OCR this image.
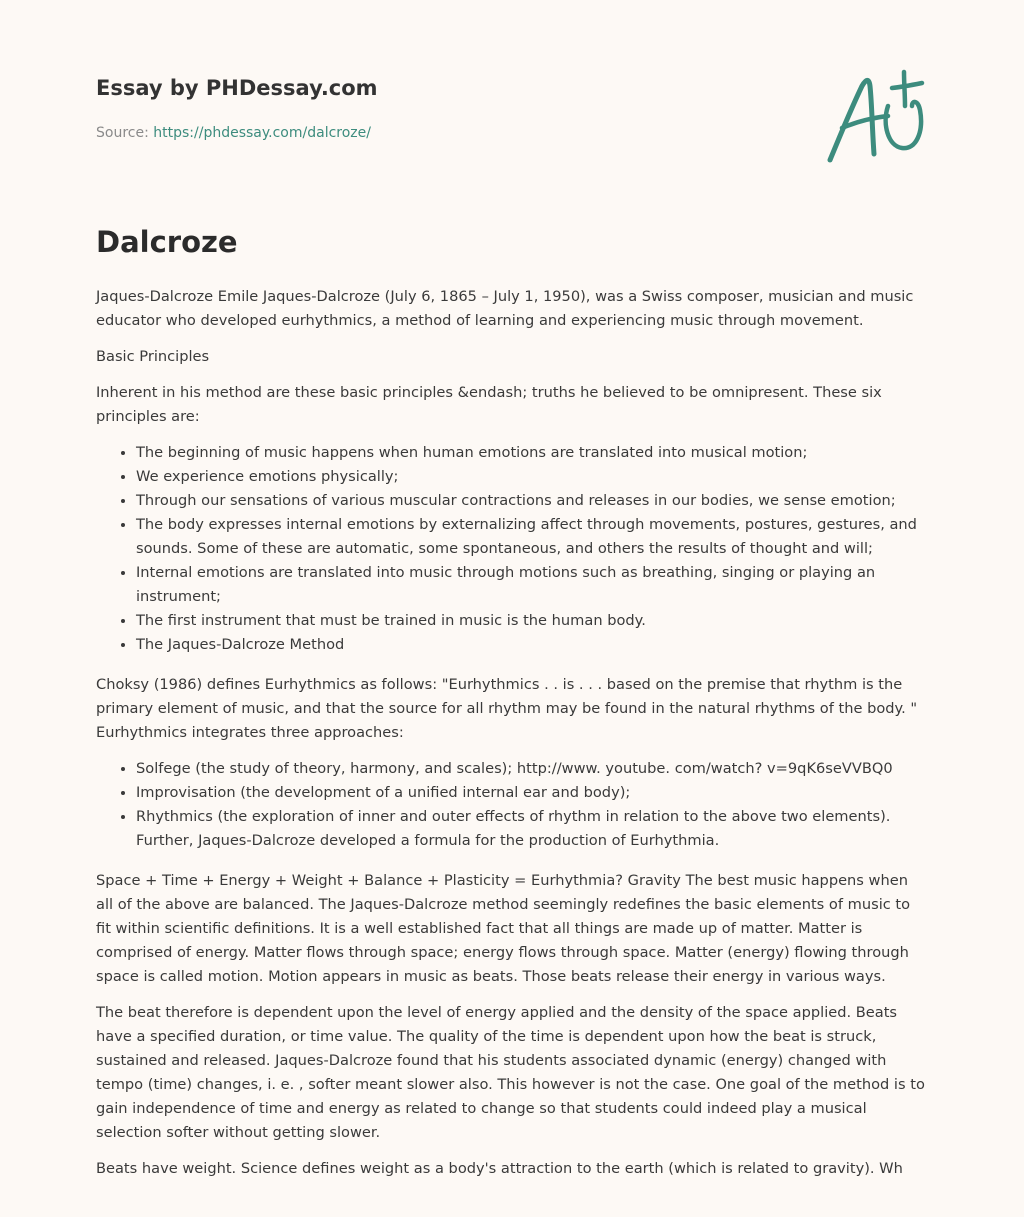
Essay by PHDessay.com
Source: https://phdessay.com/dalcroze/
Dalcroze

Jaques-Dalcroze Emile Jaques-Dalcroze (July 6, 1865 – July 1, 1950), was a Swiss composer, musician and music educator who developed eurhythmics, a method of learning and experiencing music through movement.

Basic Principles

Inherent in his method are these basic principles &endash; truths he believed to be omnipresent. These six principles are:

• The beginning of music happens when human emotions are translated into musical motion;
• We experience emotions physically;
• Through our sensations of various muscular contractions and releases in our bodies, we sense emotion;
• The body expresses internal emotions by externalizing affect through movements, postures, gestures, and sounds. Some of these are automatic, some spontaneous, and others the results of thought and will;
• Internal emotions are translated into music through motions such as breathing, singing or playing an instrument;
• The first instrument that must be trained in music is the human body.
• The Jaques-Dalcroze Method

Choksy (1986) defines Eurhythmics as follows: "Eurhythmics . . is . . . based on the premise that rhythm is the primary element of music, and that the source for all rhythm may be found in the natural rhythms of the body. " Eurhythmics integrates three approaches:

• Solfege (the study of theory, harmony, and scales); http://www. youtube. com/watch? v=9qK6seVVBQ0
• Improvisation (the development of a unified internal ear and body);
• Rhythmics (the exploration of inner and outer effects of rhythm in relation to the above two elements). Further, Jaques-Dalcroze developed a formula for the production of Eurhythmia.

Space + Time + Energy + Weight + Balance + Plasticity = Eurhythmia? Gravity The best music happens when all of the above are balanced. The Jaques-Dalcroze method seemingly redefines the basic elements of music to fit within scientific definitions. It is a well established fact that all things are made up of matter. Matter is comprised of energy. Matter flows through space; energy flows through space. Matter (energy) flowing through space is called motion. Motion appears in music as beats. Those beats release their energy in various ways.

The beat therefore is dependent upon the level of energy applied and the density of the space applied. Beats have a specified duration, or time value. The quality of the time is dependent upon how the beat is struck, sustained and released. Jaques-Dalcroze found that his students associated dynamic (energy) changed with tempo (time) changes, i. e. , softer meant slower also. This however is not the case. One goal of the method is to gain independence of time and energy as related to change so that students could indeed play a musical selection softer without getting slower.

Beats have weight. Science defines weight as a body's attraction to the earth (which is related to gravity). Wh
